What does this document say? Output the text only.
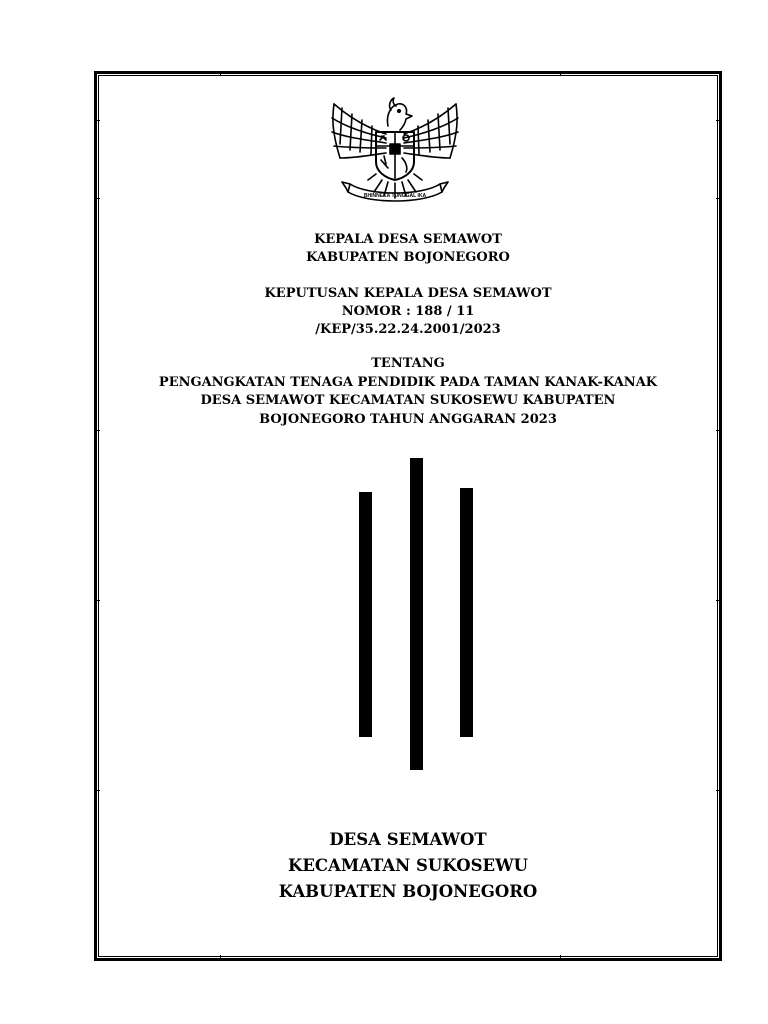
BHINNEKA TUNGGAL IKA
KEPALA DESA SEMAWOT
KABUPATEN BOJONEGORO
KEPUTUSAN KEPALA DESA SEMAWOT
NOMOR : 188 / 11
/KEP/35.22.24.2001/2023
TENTANG
PENGANGKATAN TENAGA PENDIDIK PADA TAMAN KANAK-KANAK
DESA SEMAWOT KECAMATAN SUKOSEWU KABUPATEN
BOJONEGORO TAHUN ANGGARAN 2023
DESA SEMAWOT
KECAMATAN SUKOSEWU
KABUPATEN BOJONEGORO
